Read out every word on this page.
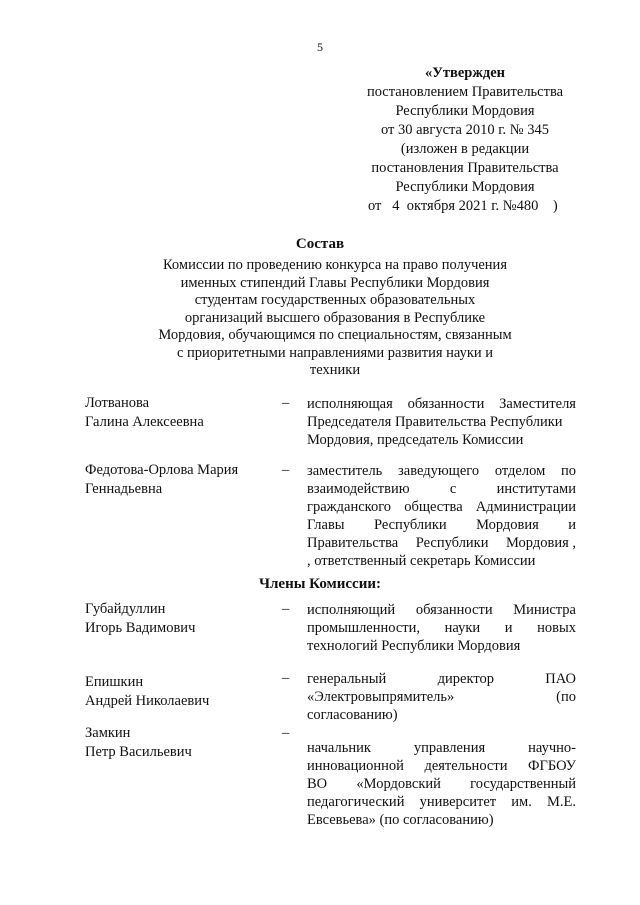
5
«Утвержден
постановлением Правительства
Республики Мордовия
от 30 августа 2010 г. № 345
(изложен в редакции
постановления Правительства
Республики Мордовия
от   4  октября 2021 г. №480    )
Состав
Комиссии по проведению конкурса на право получения
именных стипендий Главы Республики Мордовия
студентам государственных образовательных
организаций высшего образования в Республике
Мордовия, обучающимся по специальностям, связанным
с приоритетными направлениями развития науки и
техники
Лотванова
Галина Алексеевна
– исполняющая обязанности Заместителя
Председателя Правительства Республики
Мордовия, председатель Комиссии
Федотова-Орлова Мария
Геннадьевна
– заместитель заведующего отделом по
взаимодействию	с	институтами
гражданского общества Администрации
Главы Республики Мордовия и
Правительства Республики Мордовия ,
, ответственный секретарь Комиссии
Члены Комиссии:
Губайдуллин
Игорь Вадимович
– исполняющий обязанности Министра
промышленности, науки и новых
технологий Республики Мордовия
Епишкин
Андрей Николаевич
– генеральный	директор	ПАО
«Электровыпрямитель»	(по
согласованию)
Замкин
Петр Васильевич
–
начальник	управления	научно-
инновационной деятельности ФГБОУ
ВО «Мордовский государственный
педагогический университет им. М.Е.
Евсевьева» (по согласованию)
